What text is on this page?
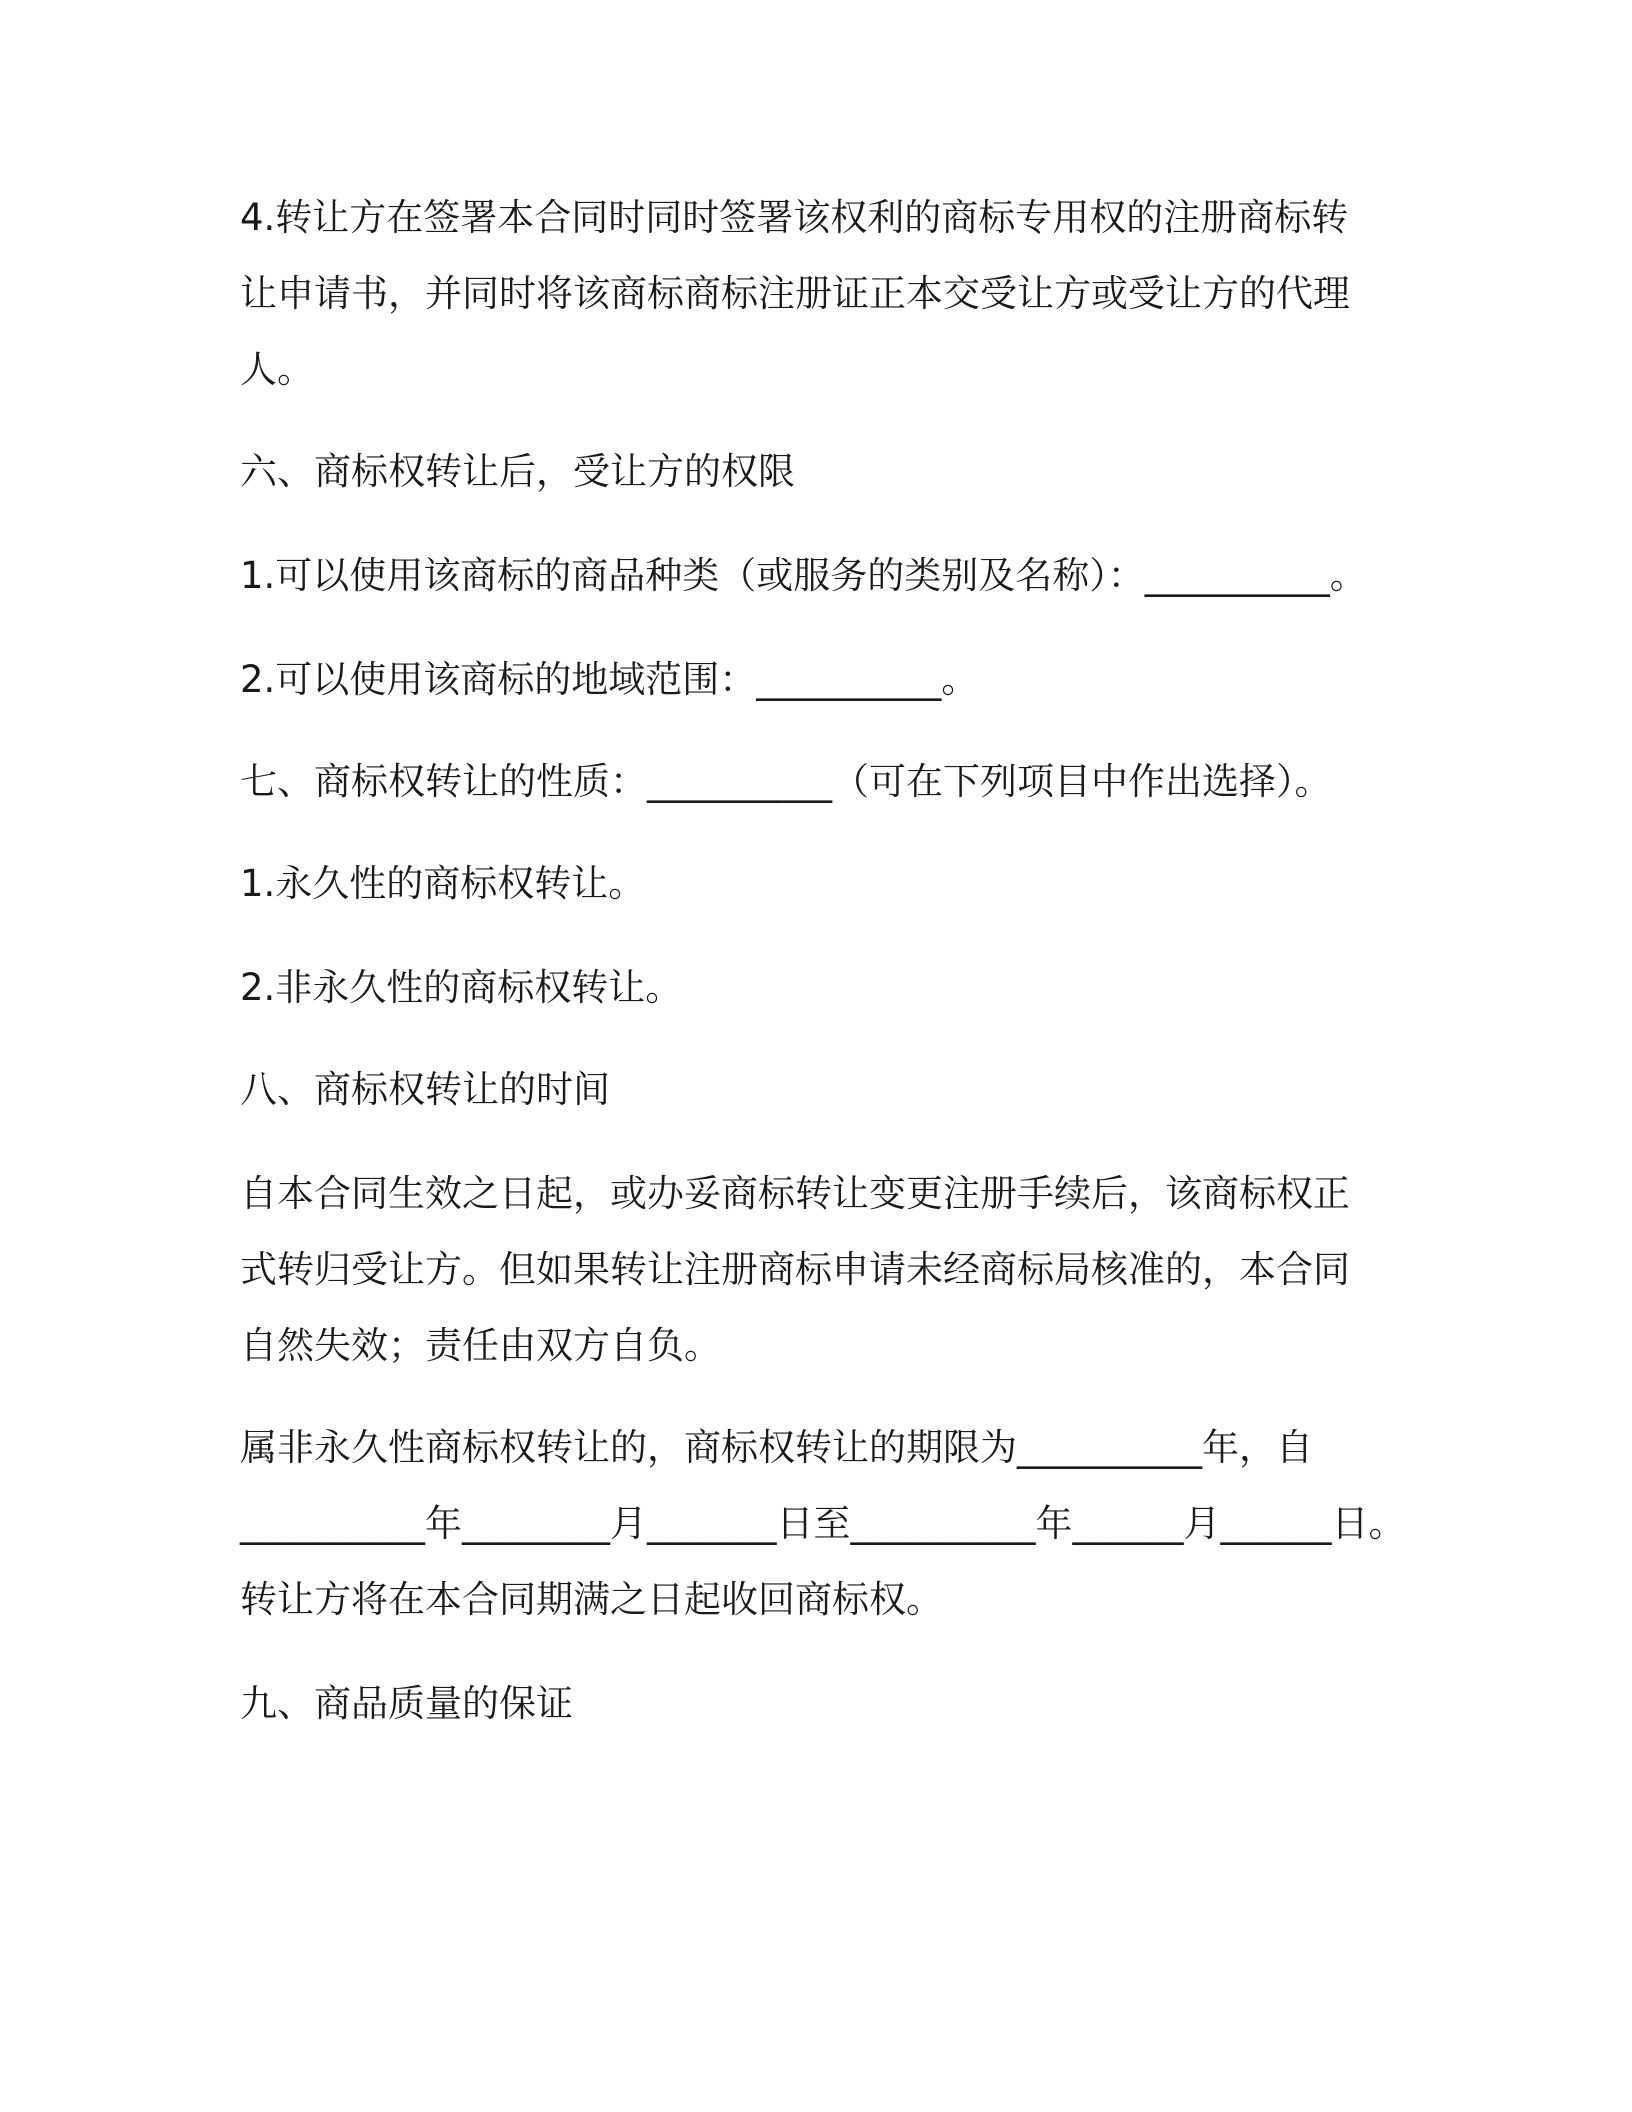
4.转让方在签署本合同时同时签署该权利的商标专用权的注册商标转
让申请书，并同时将该商标商标注册证正本交受让方或受让方的代理
人。
六、商标权转让后，受让方的权限
1.可以使用该商标的商品种类（或服务的类别及名称）：__________。
2.可以使用该商标的地域范围：__________。
七、商标权转让的性质：__________（可在下列项目中作出选择）。
1.永久性的商标权转让。
2.非永久性的商标权转让。
八、商标权转让的时间
自本合同生效之日起，或办妥商标转让变更注册手续后，该商标权正
式转归受让方。但如果转让注册商标申请未经商标局核准的，本合同
自然失效；责任由双方自负。
属非永久性商标权转让的，商标权转让的期限为__________年，自
__________年________月_______日至__________年______月______日。
转让方将在本合同期满之日起收回商标权。
九、商品质量的保证
